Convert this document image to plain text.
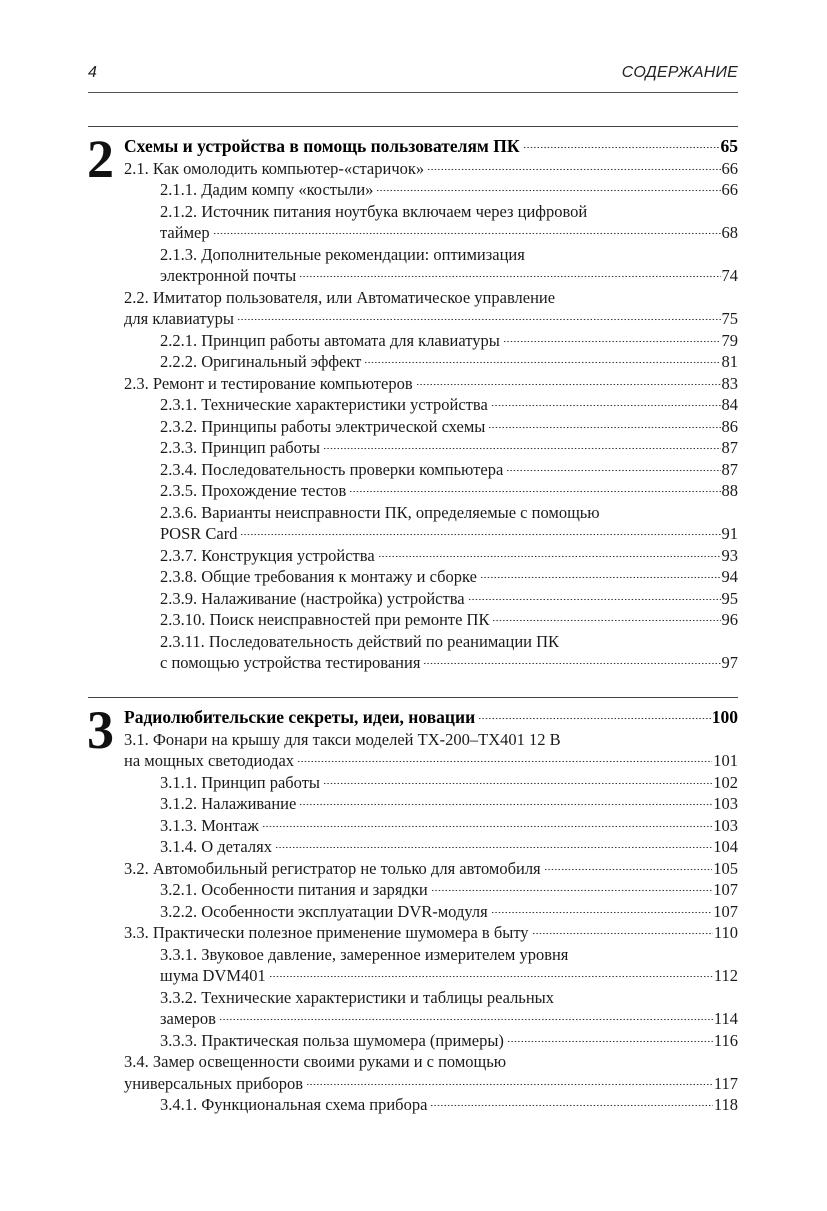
4	СОДЕРЖАНИЕ
2 Схемы и устройства в помощь пользователям ПК	65
2.1. Как омолодить компьютер-«старичок»	66
2.1.1. Дадим компу «костыли»	66
2.1.2. Источник питания ноутбука включаем через цифровой
таймер	68
2.1.3. Дополнительные рекомендации: оптимизация
электронной почты	74
2.2. Имитатор пользователя, или Автоматическое управление
для клавиатуры	75
2.2.1. Принцип работы автомата для клавиатуры	79
2.2.2. Оригинальный эффект	81
2.3. Ремонт и тестирование компьютеров	83
2.3.1. Технические характеристики устройства	84
2.3.2. Принципы работы электрической схемы	86
2.3.3. Принцип работы	87
2.3.4. Последовательность проверки компьютера	87
2.3.5. Прохождение тестов	88
2.3.6. Варианты неисправности ПК, определяемые с помощью
POSR Card	91
2.3.7. Конструкция устройства	93
2.3.8. Общие требования к монтажу и сборке	94
2.3.9. Налаживание (настройка) устройства	95
2.3.10. Поиск неисправностей при ремонте ПК	96
2.3.11. Последовательность действий по реанимации ПК
с помощью устройства тестирования	97
3 Радиолюбительские секреты, идеи, новации	100
3.1. Фонари на крышу для такси моделей TX-200–TX401 12 В
на мощных светодиодах	101
3.1.1. Принцип работы	102
3.1.2. Налаживание	103
3.1.3. Монтаж	103
3.1.4. О деталях	104
3.2. Автомобильный регистратор не только для автомобиля	105
3.2.1. Особенности питания и зарядки	107
3.2.2. Особенности эксплуатации DVR-модуля	107
3.3. Практически полезное применение шумомера в быту	110
3.3.1. Звуковое давление, замеренное измерителем уровня
шума DVM401	112
3.3.2. Технические характеристики и таблицы реальных
замеров	114
3.3.3. Практическая польза шумомера (примеры)	116
3.4. Замер освещенности своими руками и с помощью
универсальных приборов	117
3.4.1. Функциональная схема прибора	118
